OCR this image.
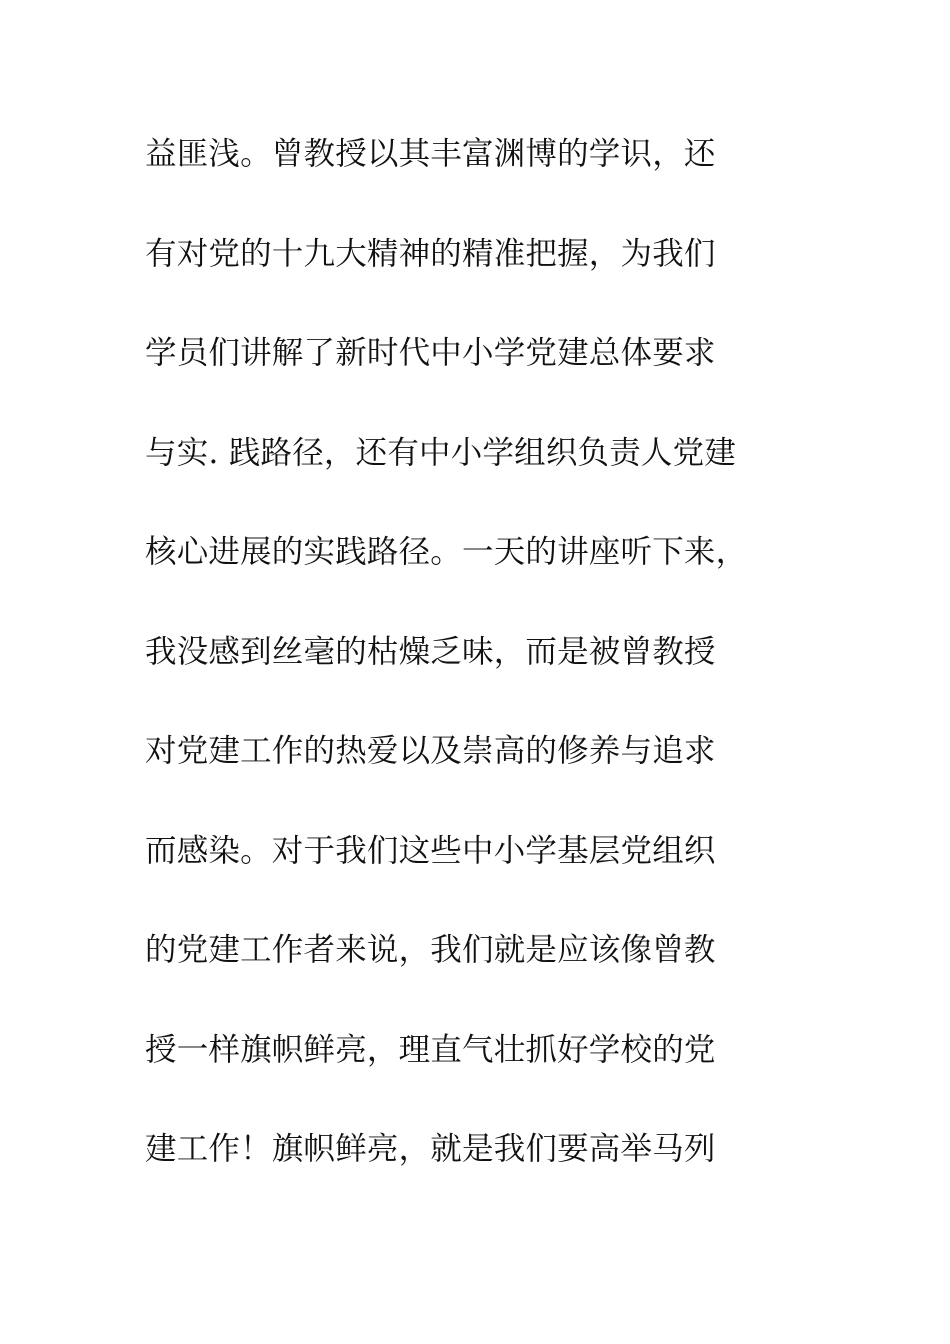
益匪浅。曾教授以其丰富渊博的学识，还
有对党的十九大精神的精准把握，为我们
学员们讲解了新时代中小学党建总体要求
与实. 践路径，还有中小学组织负责人党建
核心进展的实践路径。一天的讲座听下来，
我没感到丝毫的枯燥乏味，而是被曾教授
对党建工作的热爱以及崇高的修养与追求
而感染。对于我们这些中小学基层党组织
的党建工作者来说，我们就是应该像曾教
授一样旗帜鲜亮，理直气壮抓好学校的党
建工作！旗帜鲜亮，就是我们要高举马列
